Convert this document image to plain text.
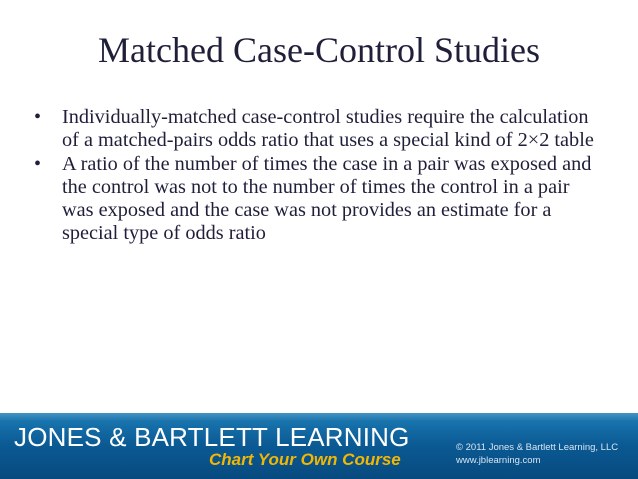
Matched Case-Control Studies
•	Individually-matched case-control studies require the calculation of a matched-pairs odds ratio that uses a special kind of 2×2 table
•	A ratio of the number of times the case in a pair was exposed and the control was not to the number of times the control in a pair was exposed and the case was not provides an estimate for a special type of odds ratio
JONES & BARTLETT LEARNING
Chart Your Own Course
© 2011 Jones & Bartlett Learning, LLC
www.jblearning.com
